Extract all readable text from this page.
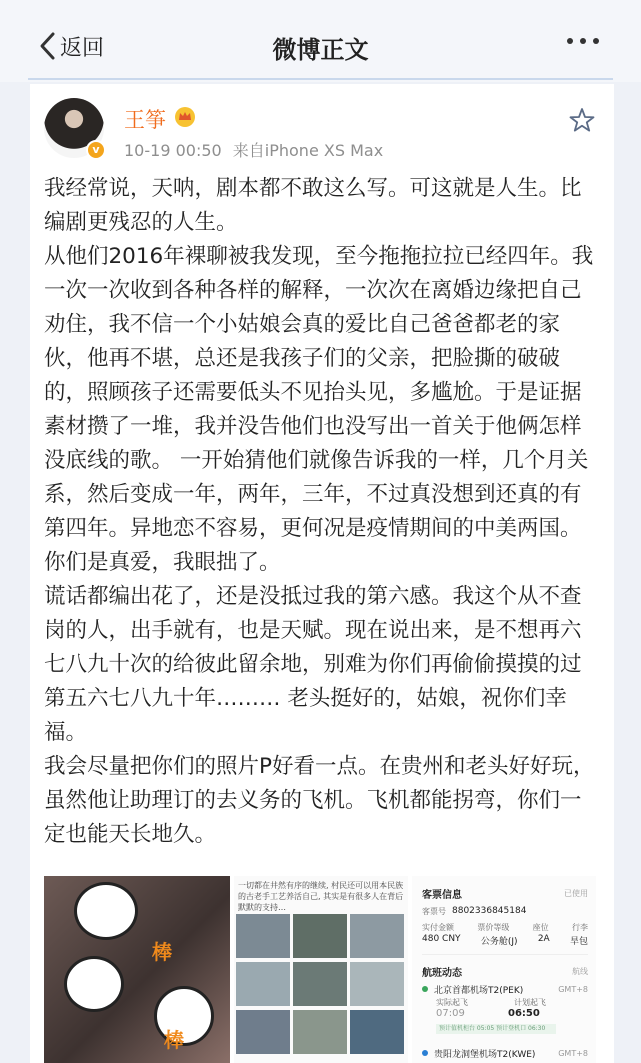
返回	微博正文
v
王筝
10-19 00:50 来自iPhone XS Max

我经常说，天呐，剧本都不敢这么写。可这就是人生。比编剧更残忍的人生。

从他们2016年裸聊被我发现，至今拖拖拉拉已经四年。我一次一次收到各种各样的解释，一次次在离婚边缘把自己劝住，我不信一个小姑娘会真的爱比自己爸爸都老的家伙，他再不堪，总还是我孩子们的父亲，把脸撕的破破的，照顾孩子还需要低头不见抬头见，多尴尬。于是证据素材攒了一堆，我并没告他们也没写出一首关于他俩怎样没底线的歌。 一开始猜他们就像告诉我的一样，几个月关系，然后变成一年，两年，三年，不过真没想到还真的有第四年。异地恋不容易，更何况是疫情期间的中美两国。你们是真爱，我眼拙了。

谎话都编出花了，还是没抵过我的第六感。我这个从不查岗的人，出手就有，也是天赋。现在说出来，是不想再六七八九十次的给彼此留余地，别难为你们再偷偷摸摸的过第五六七八九十年……… 老头挺好的，姑娘，祝你们幸福。

我会尽量把你们的照片P好看一点。在贵州和老头好好玩，虽然他让助理订的去义务的飞机。飞机都能拐弯，你们一定也能天长地久。

棒
棒
一切都在井然有序的继续, 村民还可以用本民族的古老手工艺养活自己, 其实是有很多人在背后默默的支持…
客票信息	已使用
客票号 8802336845184
实付金额	票价等级	座位	行李
480 CNY 公务舱(J) 2A 旱包
航班动态	航线
北京首都机场T2(PEK)	GMT+8
实际起飞	计划起飞
07:09	06:50
预计值机柜台 05:05 预计登机口 06:30
贵阳龙洞堡机场T2(KWE)	GMT+8
